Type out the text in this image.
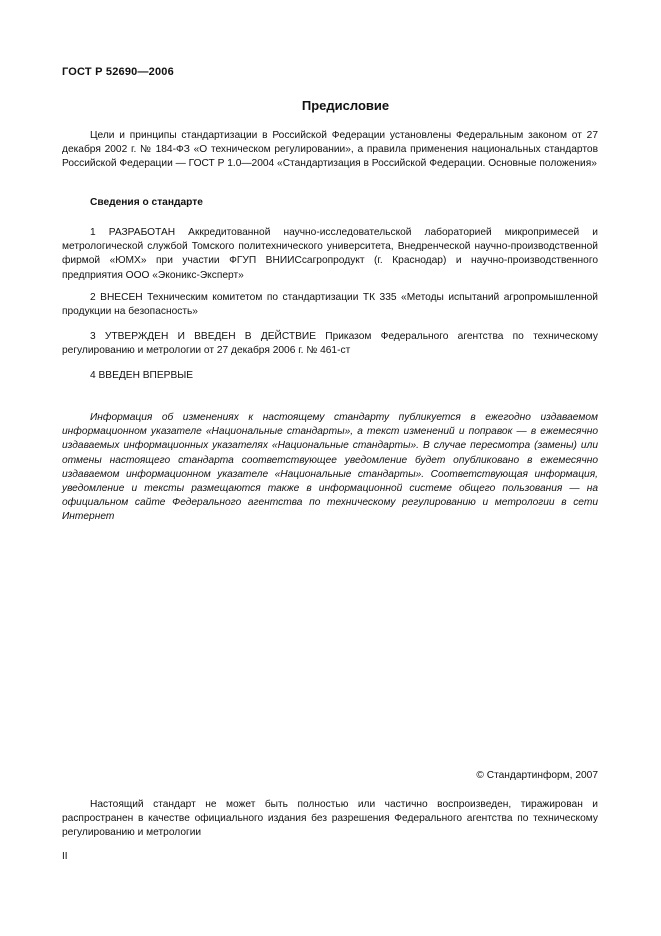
ГОСТ Р 52690—2006
Предисловие
Цели и принципы стандартизации в Российской Федерации установлены Федеральным законом от 27 декабря 2002 г. № 184-ФЗ «О техническом регулировании», а правила применения национальных стандартов Российской Федерации — ГОСТ Р 1.0—2004 «Стандартизация в Российской Федерации. Основные положения»
Сведения о стандарте
1 РАЗРАБОТАН Аккредитованной научно-исследовательской лабораторией микропримесей и метрологической службой Томского политехнического университета, Внедренческой научно-производственной фирмой «ЮМХ» при участии ФГУП ВНИИСсагропродукт (г. Краснодар) и научно-производственного предприятия ООО «Эконикс-Эксперт»
2 ВНЕСЕН Техническим комитетом по стандартизации ТК 335 «Методы испытаний агропромышленной продукции на безопасность»
3 УТВЕРЖДЕН И ВВЕДЕН В ДЕЙСТВИЕ Приказом Федерального агентства по техническому регулированию и метрологии от 27 декабря 2006 г. № 461-ст
4 ВВЕДЕН ВПЕРВЫЕ
Информация об изменениях к настоящему стандарту публикуется в ежегодно издаваемом информационном указателе «Национальные стандарты», а текст изменений и поправок — в ежемесячно издаваемых информационных указателях «Национальные стандарты». В случае пересмотра (замены) или отмены настоящего стандарта соответствующее уведомление будет опубликовано в ежемесячно издаваемом информационном указателе «Национальные стандарты». Соответствующая информация, уведомление и тексты размещаются также в информационной системе общего пользования — на официальном сайте Федерального агентства по техническому регулированию и метрологии в сети Интернет
© Стандартинформ, 2007
Настоящий стандарт не может быть полностью или частично воспроизведен, тиражирован и распространен в качестве официального издания без разрешения Федерального агентства по техническому регулированию и метрологии
II
